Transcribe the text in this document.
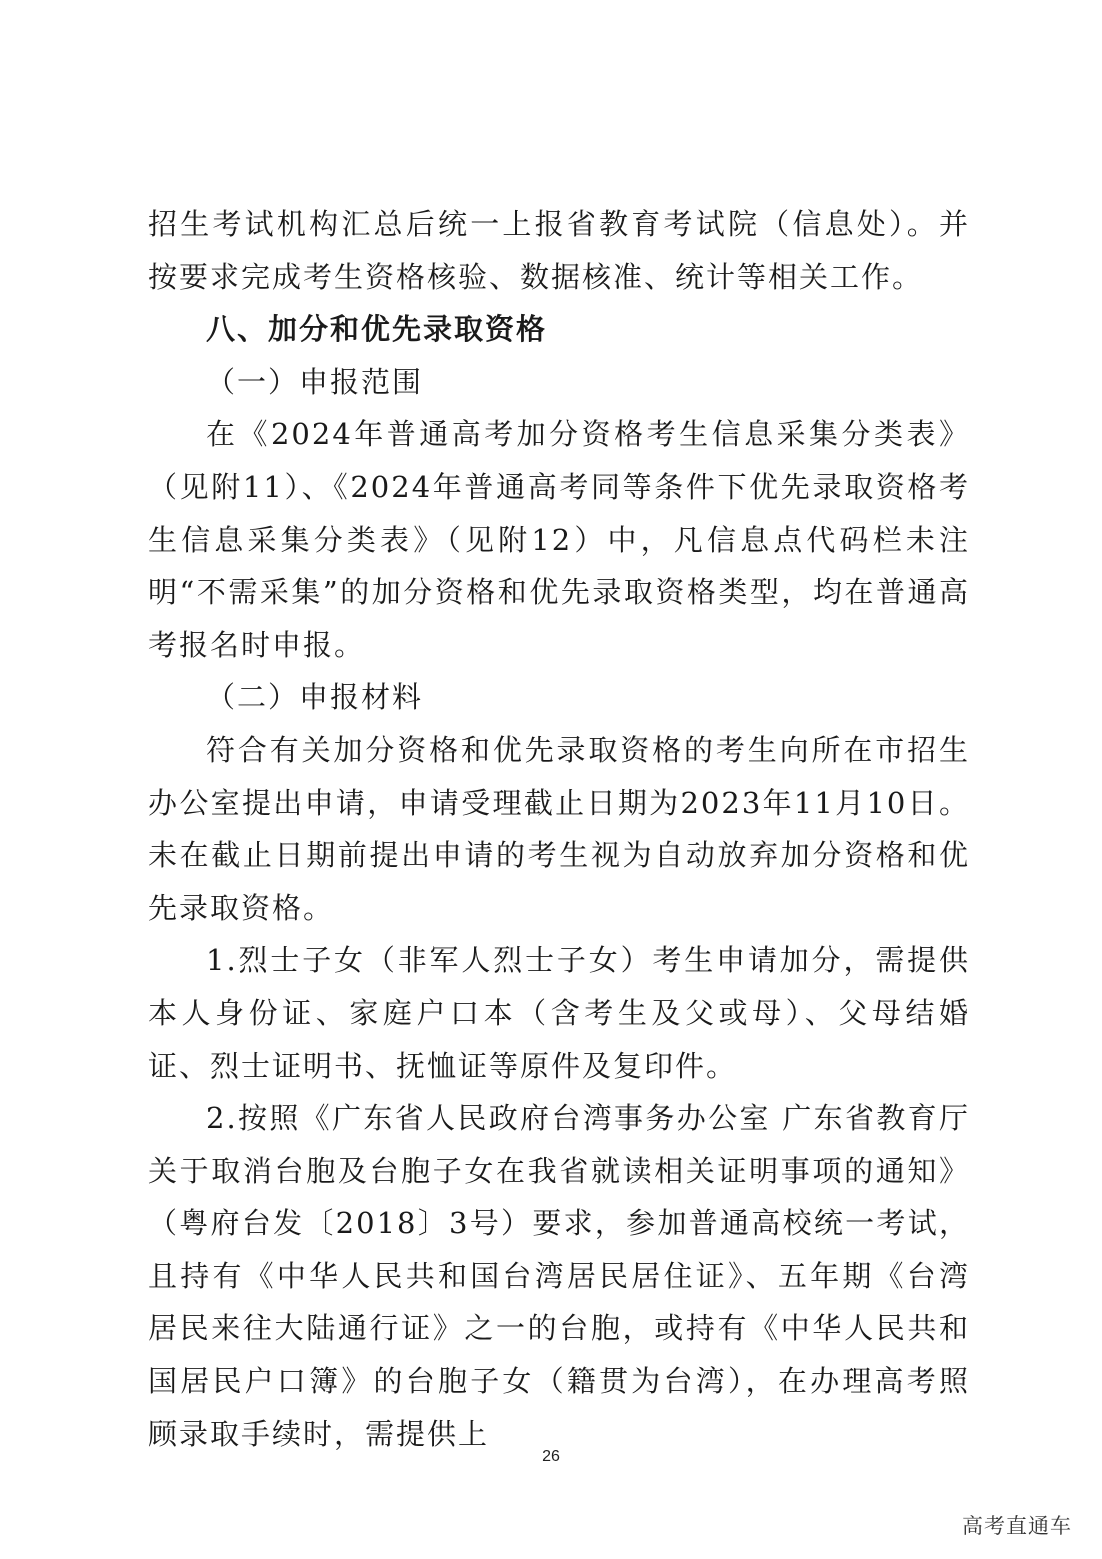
招生考试机构汇总后统一上报省教育考试院（信息处）。并按要求完成考生资格核验、数据核准、统计等相关工作。

八、加分和优先录取资格

（一）申报范围

在《2024年普通高考加分资格考生信息采集分类表》（见附11）、《2024年普通高考同等条件下优先录取资格考生信息采集分类表》（见附12）中，凡信息点代码栏未注明“不需采集”的加分资格和优先录取资格类型，均在普通高考报名时申报。

（二）申报材料

符合有关加分资格和优先录取资格的考生向所在市招生办公室提出申请，申请受理截止日期为2023年11月10日。未在截止日期前提出申请的考生视为自动放弃加分资格和优先录取资格。

1.烈士子女（非军人烈士子女）考生申请加分，需提供本人身份证、家庭户口本（含考生及父或母）、父母结婚证、烈士证明书、抚恤证等原件及复印件。

2.按照《广东省人民政府台湾事务办公室 广东省教育厅关于取消台胞及台胞子女在我省就读相关证明事项的通知》（粤府台发〔2018〕3号）要求，参加普通高校统一考试，且持有《中华人民共和国台湾居民居住证》、五年期《台湾居民来往大陆通行证》之一的台胞，或持有《中华人民共和国居民户口簿》的台胞子女（籍贯为台湾），在办理高考照顾录取手续时，需提供上

26
高考直通车
